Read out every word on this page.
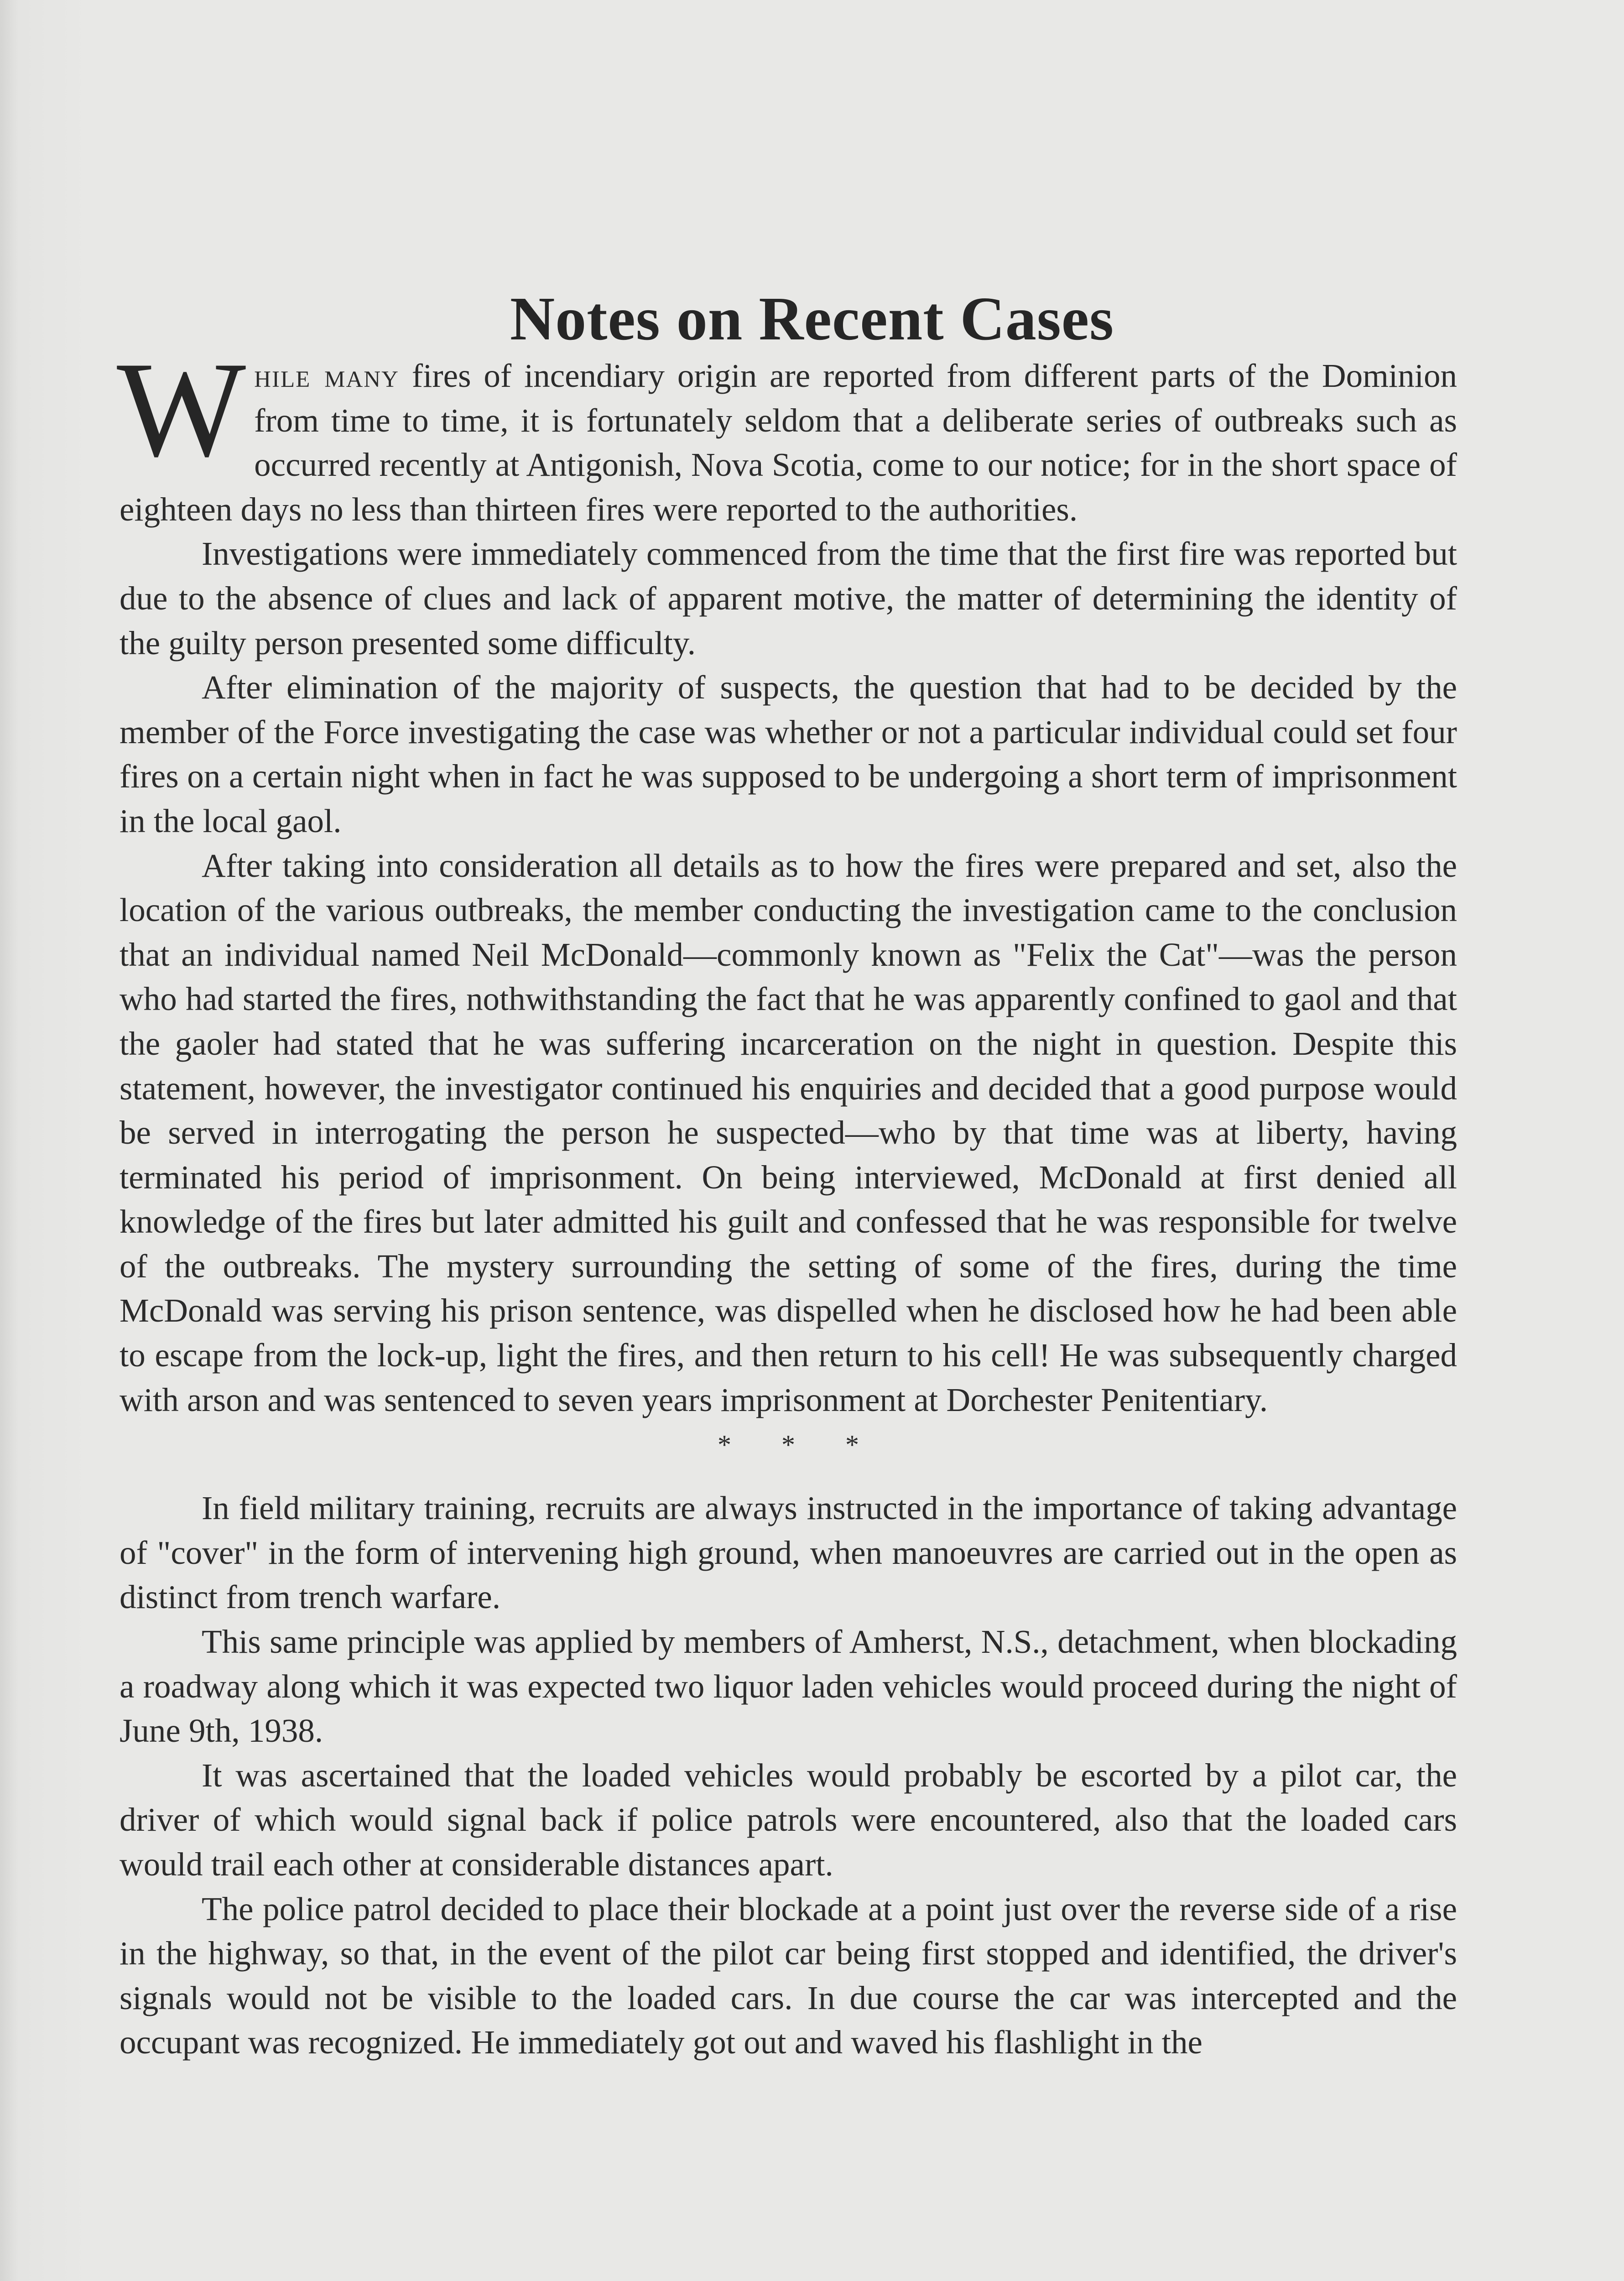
Notes on Recent Cases

While many fires of incendiary origin are reported from different parts of the Dominion from time to time, it is fortunately seldom that a deliberate series of outbreaks such as occurred recently at Antigonish, Nova Scotia, come to our notice; for in the short space of eighteen days no less than thirteen fires were reported to the authorities.

Investigations were immediately commenced from the time that the first fire was reported but due to the absence of clues and lack of apparent motive, the matter of determining the identity of the guilty person presented some difficulty.

After elimination of the majority of suspects, the question that had to be decided by the member of the Force investigating the case was whether or not a particular individual could set four fires on a certain night when in fact he was supposed to be undergoing a short term of imprisonment in the local gaol.

After taking into consideration all details as to how the fires were prepared and set, also the location of the various outbreaks, the member conducting the investigation came to the conclusion that an individual named Neil McDonald—commonly known as "Felix the Cat"—was the person who had started the fires, nothwithstanding the fact that he was apparently confined to gaol and that the gaoler had stated that he was suffering incarceration on the night in question. Despite this statement, however, the investigator continued his enquiries and decided that a good purpose would be served in interrogating the person he suspected—who by that time was at liberty, having terminated his period of imprisonment. On being interviewed, McDonald at first denied all knowledge of the fires but later admitted his guilt and confessed that he was responsible for twelve of the outbreaks. The mystery surrounding the setting of some of the fires, during the time McDonald was serving his prison sentence, was dispelled when he disclosed how he had been able to escape from the lock-up, light the fires, and then return to his cell! He was subsequently charged with arson and was sentenced to seven years imprisonment at Dorchester Penitentiary.

* * *

In field military training, recruits are always instructed in the importance of taking advantage of "cover" in the form of intervening high ground, when manoeuvres are carried out in the open as distinct from trench warfare.

This same principle was applied by members of Amherst, N.S., detachment, when blockading a roadway along which it was expected two liquor laden vehicles would proceed during the night of June 9th, 1938.

It was ascertained that the loaded vehicles would probably be escorted by a pilot car, the driver of which would signal back if police patrols were encountered, also that the loaded cars would trail each other at considerable distances apart.

The police patrol decided to place their blockade at a point just over the reverse side of a rise in the highway, so that, in the event of the pilot car being first stopped and identified, the driver's signals would not be visible to the loaded cars. In due course the car was intercepted and the occupant was recognized. He immediately got out and waved his flashlight in the
